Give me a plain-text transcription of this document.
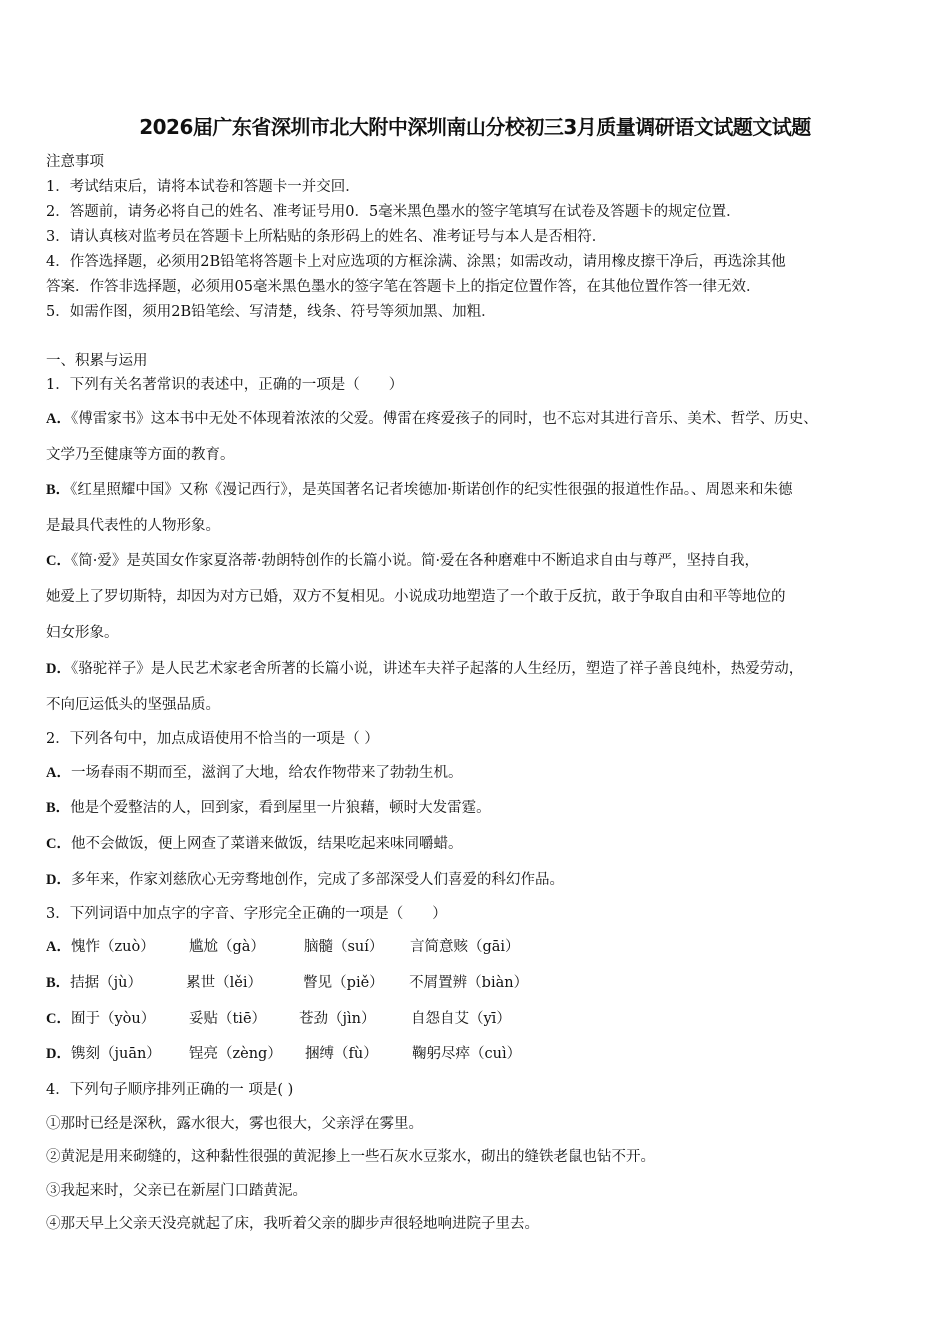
2026届广东省深圳市北大附中深圳南山分校初三3月质量调研语文试题文试题
注意事项
1．考试结束后，请将本试卷和答题卡一并交回．
2．答题前，请务必将自己的姓名、准考证号用0．5毫米黑色墨水的签字笔填写在试卷及答题卡的规定位置．
3．请认真核对监考员在答题卡上所粘贴的条形码上的姓名、准考证号与本人是否相符．
4．作答选择题，必须用2B铅笔将答题卡上对应选项的方框涂满、涂黑；如需改动，请用橡皮擦干净后，再选涂其他
答案．作答非选择题，必须用05毫米黑色墨水的签字笔在答题卡上的指定位置作答，在其他位置作答一律无效．
5．如需作图，须用2B铅笔绘、写清楚，线条、符号等须加黑、加粗．
一、积累与运用
1．下列有关名著常识的表述中，正确的一项是（　　）
A．《傅雷家书》这本书中无处不体现着浓浓的父爱。傅雷在疼爱孩子的同时，也不忘对其进行音乐、美术、哲学、历史、
文学乃至健康等方面的教育。
B．《红星照耀中国》又称《漫记西行》，是英国著名记者埃德加·斯诺创作的纪实性很强的报道性作品。、周恩来和朱德
是最具代表性的人物形象。
C．《简·爱》是英国女作家夏洛蒂·勃朗特创作的长篇小说。简·爱在各种磨难中不断追求自由与尊严，坚持自我，
她爱上了罗切斯特，却因为对方已婚，双方不复相见。小说成功地塑造了一个敢于反抗，敢于争取自由和平等地位的
妇女形象。
D．《骆驼祥子》是人民艺术家老舍所著的长篇小说，讲述车夫祥子起落的人生经历，塑造了祥子善良纯朴，热爱劳动，
不向厄运低头的坚强品质。
2．下列各句中，加点成语使用不恰当的一项是（ ）
A．一场春雨不期而至，滋润了大地，给农作物带来了勃勃生机。
B．他是个爱整洁的人，回到家，看到屋里一片狼藉，顿时大发雷霆。
C．他不会做饭，便上网查了菜谱来做饭，结果吃起来味同嚼蜡。
D．多年来，作家刘慈欣心无旁骛地创作，完成了多部深受人们喜爱的科幻作品。
3．下列词语中加点字的字音、字形完全正确的一项是（　　）
A．愧怍（zuò） 尴尬（gà）	脑髓（suí） 言简意赅（gāi）
B．拮据（jù）	累世（lěi）	瞥见（piě） 不屑置辨（biàn）
C．囿于（yòu） 妥贴（tiē） 苍劲（jìn） 自怨自艾（yī）
D．镌刻（juān） 锃亮（zèng） 捆缚（fù） 鞠躬尽瘁（cuì）
4．下列句子顺序排列正确的一 项是( )
①那时已经是深秋，露水很大，雾也很大，父亲浮在雾里。
②黄泥是用来砌缝的，这种黏性很强的黄泥掺上一些石灰水豆浆水，砌出的缝铁老鼠也钻不开。
③我起来时，父亲已在新屋门口踏黄泥。
④那天早上父亲天没亮就起了床，我听着父亲的脚步声很轻地响进院子里去。
